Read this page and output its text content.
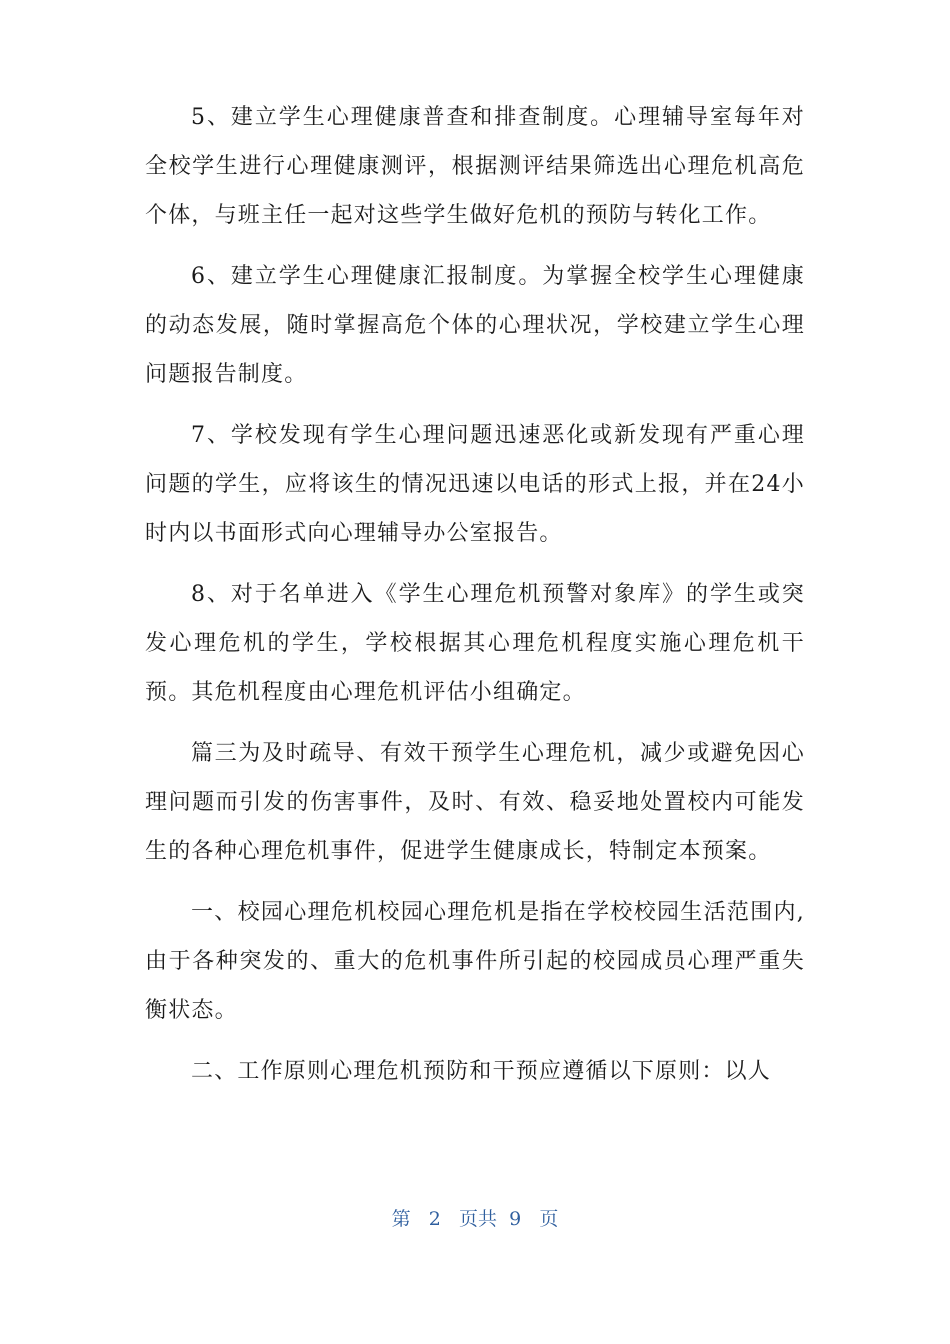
5、建立学生心理健康普查和排查制度。心理辅导室每年对全校学生进行心理健康测评，根据测评结果筛选出心理危机高危个体，与班主任一起对这些学生做好危机的预防与转化工作。

6、建立学生心理健康汇报制度。为掌握全校学生心理健康的动态发展，随时掌握高危个体的心理状况，学校建立学生心理问题报告制度。

7、学校发现有学生心理问题迅速恶化或新发现有严重心理问题的学生，应将该生的情况迅速以电话的形式上报，并在24小时内以书面形式向心理辅导办公室报告。

8、对于名单进入《学生心理危机预警对象库》的学生或突发心理危机的学生，学校根据其心理危机程度实施心理危机干预。其危机程度由心理危机评估小组确定。

篇三为及时疏导、有效干预学生心理危机，减少或避免因心理问题而引发的伤害事件，及时、有效、稳妥地处置校内可能发生的各种心理危机事件，促进学生健康成长，特制定本预案。

一、校园心理危机校园心理危机是指在学校校园生活范围内,由于各种突发的、重大的危机事件所引起的校园成员心理严重失衡状态。

二、工作原则心理危机预防和干预应遵循以下原则：以人

第 2 页共 9 页
